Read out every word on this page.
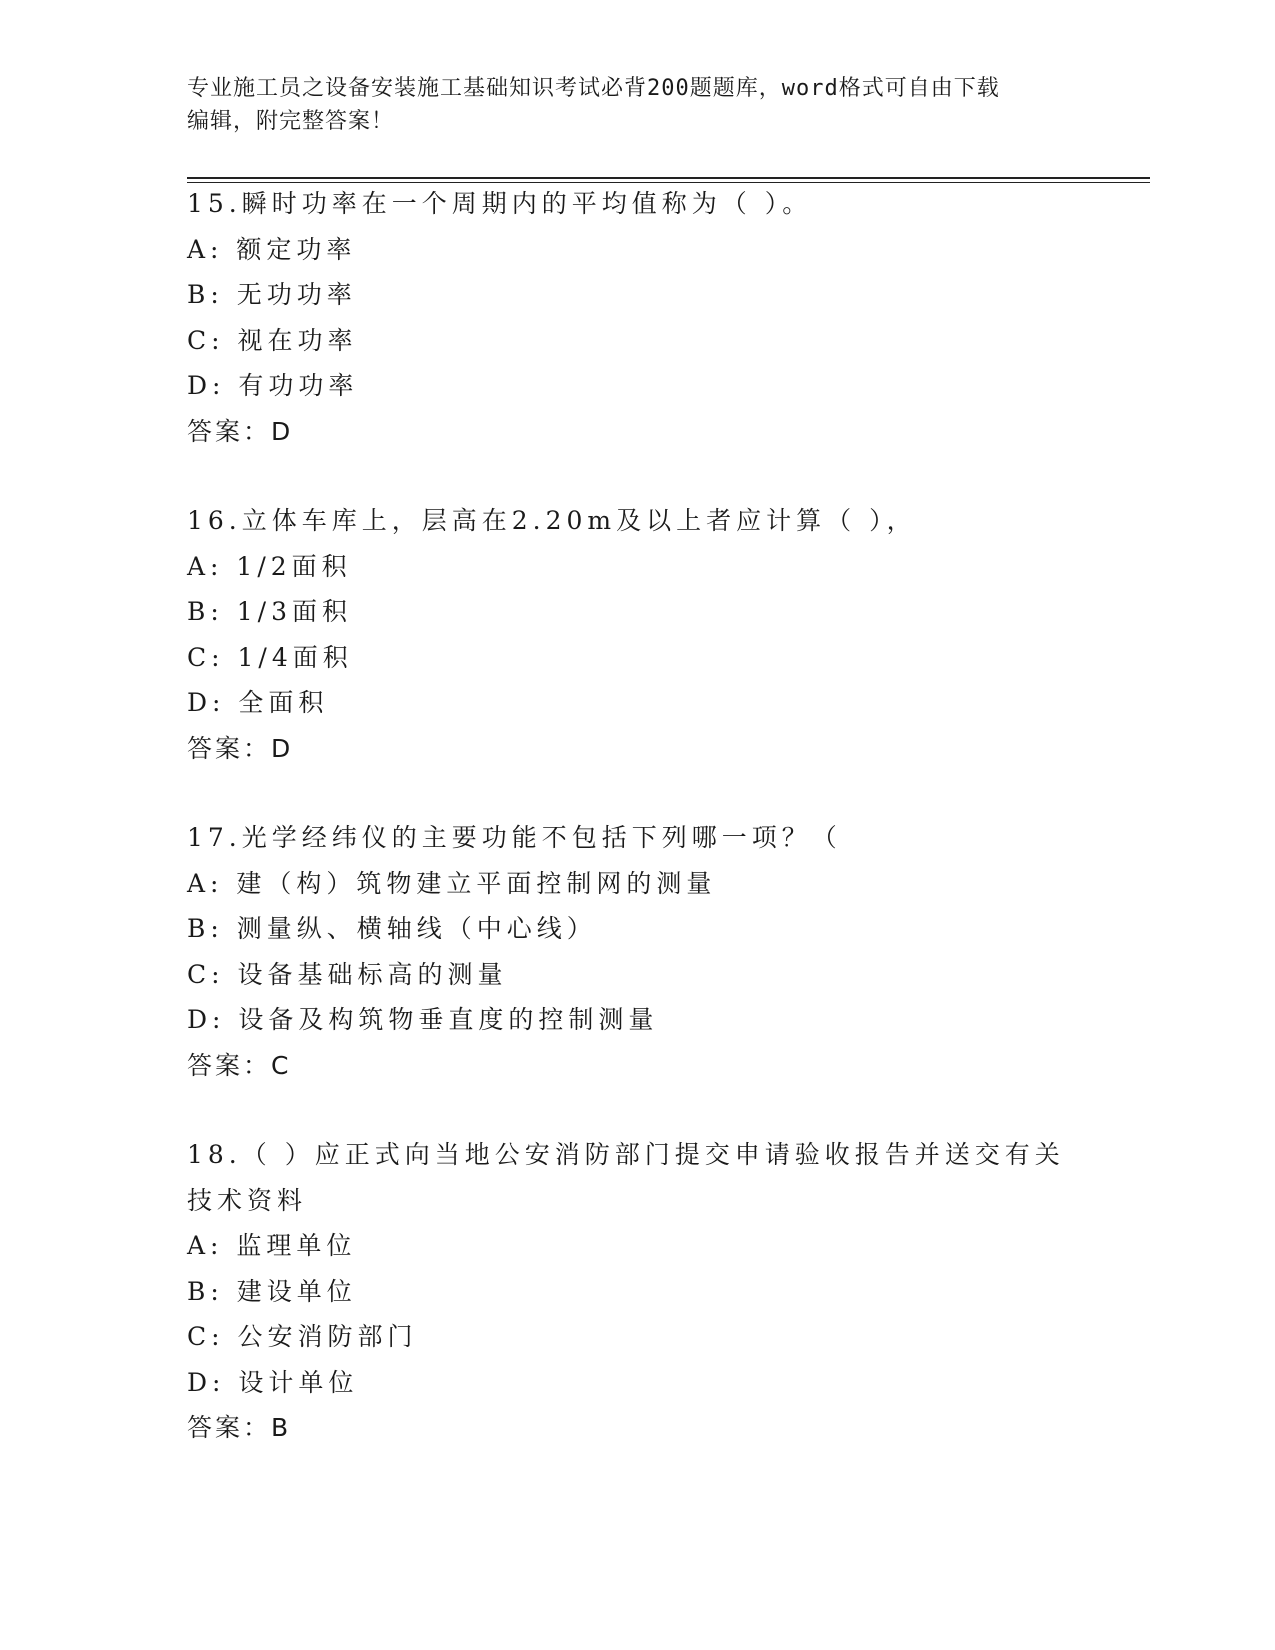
专业施工员之设备安装施工基础知识考试必背200题题库，word格式可自由下载
编辑，附完整答案！

15.瞬时功率在一个周期内的平均值称为（ ）。

A: 额定功率

B: 无功功率

C: 视在功率

D: 有功功率

答案：D

16.立体车库上，层高在2.20m及以上者应计算（ ），

A: 1/2面积

B: 1/3面积

C: 1/4面积

D: 全面积

答案：D

17.光学经纬仪的主要功能不包括下列哪一项？（

A: 建（构）筑物建立平面控制网的测量

B: 测量纵、横轴线（中心线）

C: 设备基础标高的测量

D: 设备及构筑物垂直度的控制测量

答案：C

18.（ ）应正式向当地公安消防部门提交申请验收报告并送交有关技术资料

A: 监理单位

B: 建设单位

C: 公安消防部门

D: 设计单位

答案：B
